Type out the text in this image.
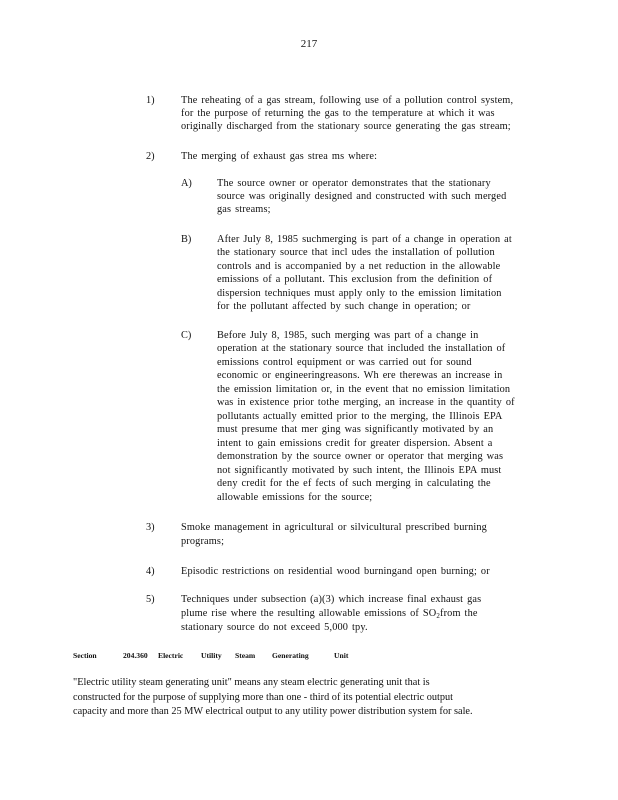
217
1)	The reheating of a gas stream, following use of a pollution control system,
for the purpose of returning the gas to the temperature at which it was
originally discharged from the stationary source generating the gas stream;
2)	The merging of exhaust gas strea ms where:
A) The source owner or operator demonstrates that the stationary
source was originally designed and constructed with such merged
gas streams;
B) After July 8, 1985 suchmerging is part of a change in operation at
the stationary source that incl udes the installation of pollution
controls and is accompanied by a net reduction in the allowable
emissions of a pollutant. This exclusion from the definition of
dispersion techniques must apply only to the emission limitation
for the pollutant affected by such change in operation; or
C) Before July 8, 1985, such merging was part of a change in
operation at the stationary source that included the installation of
emissions control equipment or was carried out for sound
economic or engineeringreasons. Wh ere therewas an increase in
the emission limitation or, in the event that no emission limitation
was in existence prior tothe merging, an increase in the quantity of
pollutants actually emitted prior to the merging, the Illinois EPA
must presume that mer ging was significantly motivated by an
intent to gain emissions credit for greater dispersion. Absent a
demonstration by the source owner or operator that merging was
not significantly motivated by such intent, the Illinois EPA must
deny credit for the ef fects of such merging in calculating the
allowable emissions for the source;
3)	Smoke management in agricultural or silvicultural prescribed burning
programs;
4)	Episodic restrictions on residential wood burningand open burning; or
5)	Techniques under subsection (a)(3) which increase final exhaust gas
plume rise where the resulting allowable emissions of SO2from the
stationary source do not exceed 5,000 tpy.
Section	204.360 Electric Utility Steam Generating	Unit
"Electric utility steam generating unit" means any steam electric generating unit that is
constructed for the purpose of supplying more than one - third of its potential electric output
capacity and more than 25 MW electrical output to any utility power distribution system for sale.
